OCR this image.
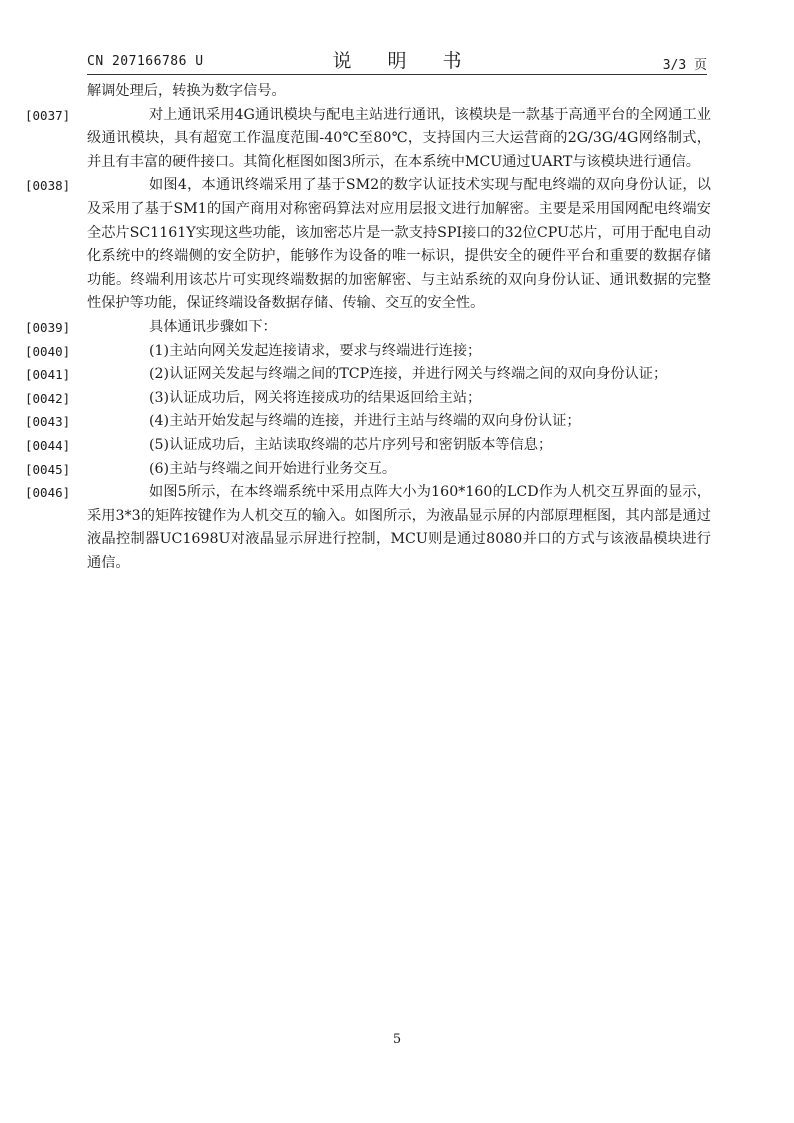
CN 207166786 U	说 明 书	3/3 页

解调处理后，转换为数字信号。

[0037]	对上通讯采用4G通讯模块与配电主站进行通讯，该模块是一款基于高通平台的全网通工业级通讯模块，具有超宽工作温度范围-40℃至80℃，支持国内三大运营商的2G/3G/4G网络制式，并且有丰富的硬件接口。其简化框图如图3所示，在本系统中MCU通过UART与该模块进行通信。

[0038]	如图4，本通讯终端采用了基于SM2的数字认证技术实现与配电终端的双向身份认证，以及采用了基于SM1的国产商用对称密码算法对应用层报文进行加解密。主要是采用国网配电终端安全芯片SC1161Y实现这些功能，该加密芯片是一款支持SPI接口的32位CPU芯片，可用于配电自动化系统中的终端侧的安全防护，能够作为设备的唯一标识，提供安全的硬件平台和重要的数据存储功能。终端利用该芯片可实现终端数据的加密解密、与主站系统的双向身份认证、通讯数据的完整性保护等功能，保证终端设备数据存储、传输、交互的安全性。

[0039]	具体通讯步骤如下：

[0040]	(1)主站向网关发起连接请求，要求与终端进行连接；

[0041]	(2)认证网关发起与终端之间的TCP连接，并进行网关与终端之间的双向身份认证；

[0042]	(3)认证成功后，网关将连接成功的结果返回给主站；

[0043]	(4)主站开始发起与终端的连接，并进行主站与终端的双向身份认证；

[0044]	(5)认证成功后，主站读取终端的芯片序列号和密钥版本等信息；

[0045]	(6)主站与终端之间开始进行业务交互。

[0046]	如图5所示，在本终端系统中采用点阵大小为160*160的LCD作为人机交互界面的显示，采用3*3的矩阵按键作为人机交互的输入。如图所示，为液晶显示屏的内部原理框图，其内部是通过液晶控制器UC1698U对液晶显示屏进行控制，MCU则是通过8080并口的方式与该液晶模块进行通信。

5
